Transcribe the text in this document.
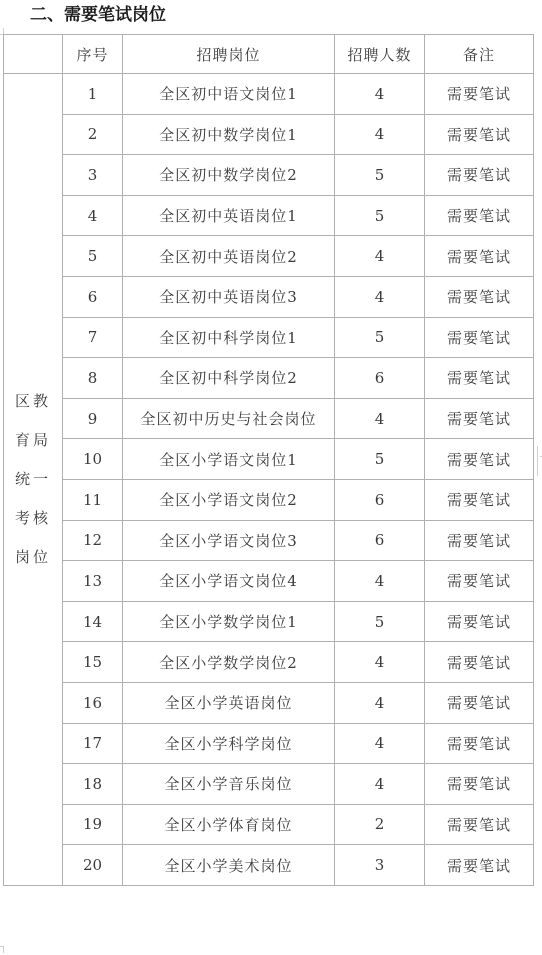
二、需要笔试岗位
	序号	招聘岗位	招聘人数	备注

区教育局统一考核岗位	1	全区初中语文岗位1	4	需要笔试
	2	全区初中数学岗位1	4	需要笔试
	3	全区初中数学岗位2	5	需要笔试
	4	全区初中英语岗位1	5	需要笔试
	5	全区初中英语岗位2	4	需要笔试
	6	全区初中英语岗位3	4	需要笔试
	7	全区初中科学岗位1	5	需要笔试
	8	全区初中科学岗位2	6	需要笔试
	9	全区初中历史与社会岗位	4	需要笔试
	10	全区小学语文岗位1	5	需要笔试
	11	全区小学语文岗位2	6	需要笔试
	12	全区小学语文岗位3	6	需要笔试
	13	全区小学语文岗位4	4	需要笔试
	14	全区小学数学岗位1	5	需要笔试
	15	全区小学数学岗位2	4	需要笔试
	16	全区小学英语岗位	4	需要笔试
	17	全区小学科学岗位	4	需要笔试
	18	全区小学音乐岗位	4	需要笔试
	19	全区小学体育岗位	2	需要笔试
	20	全区小学美术岗位	3	需要笔试
